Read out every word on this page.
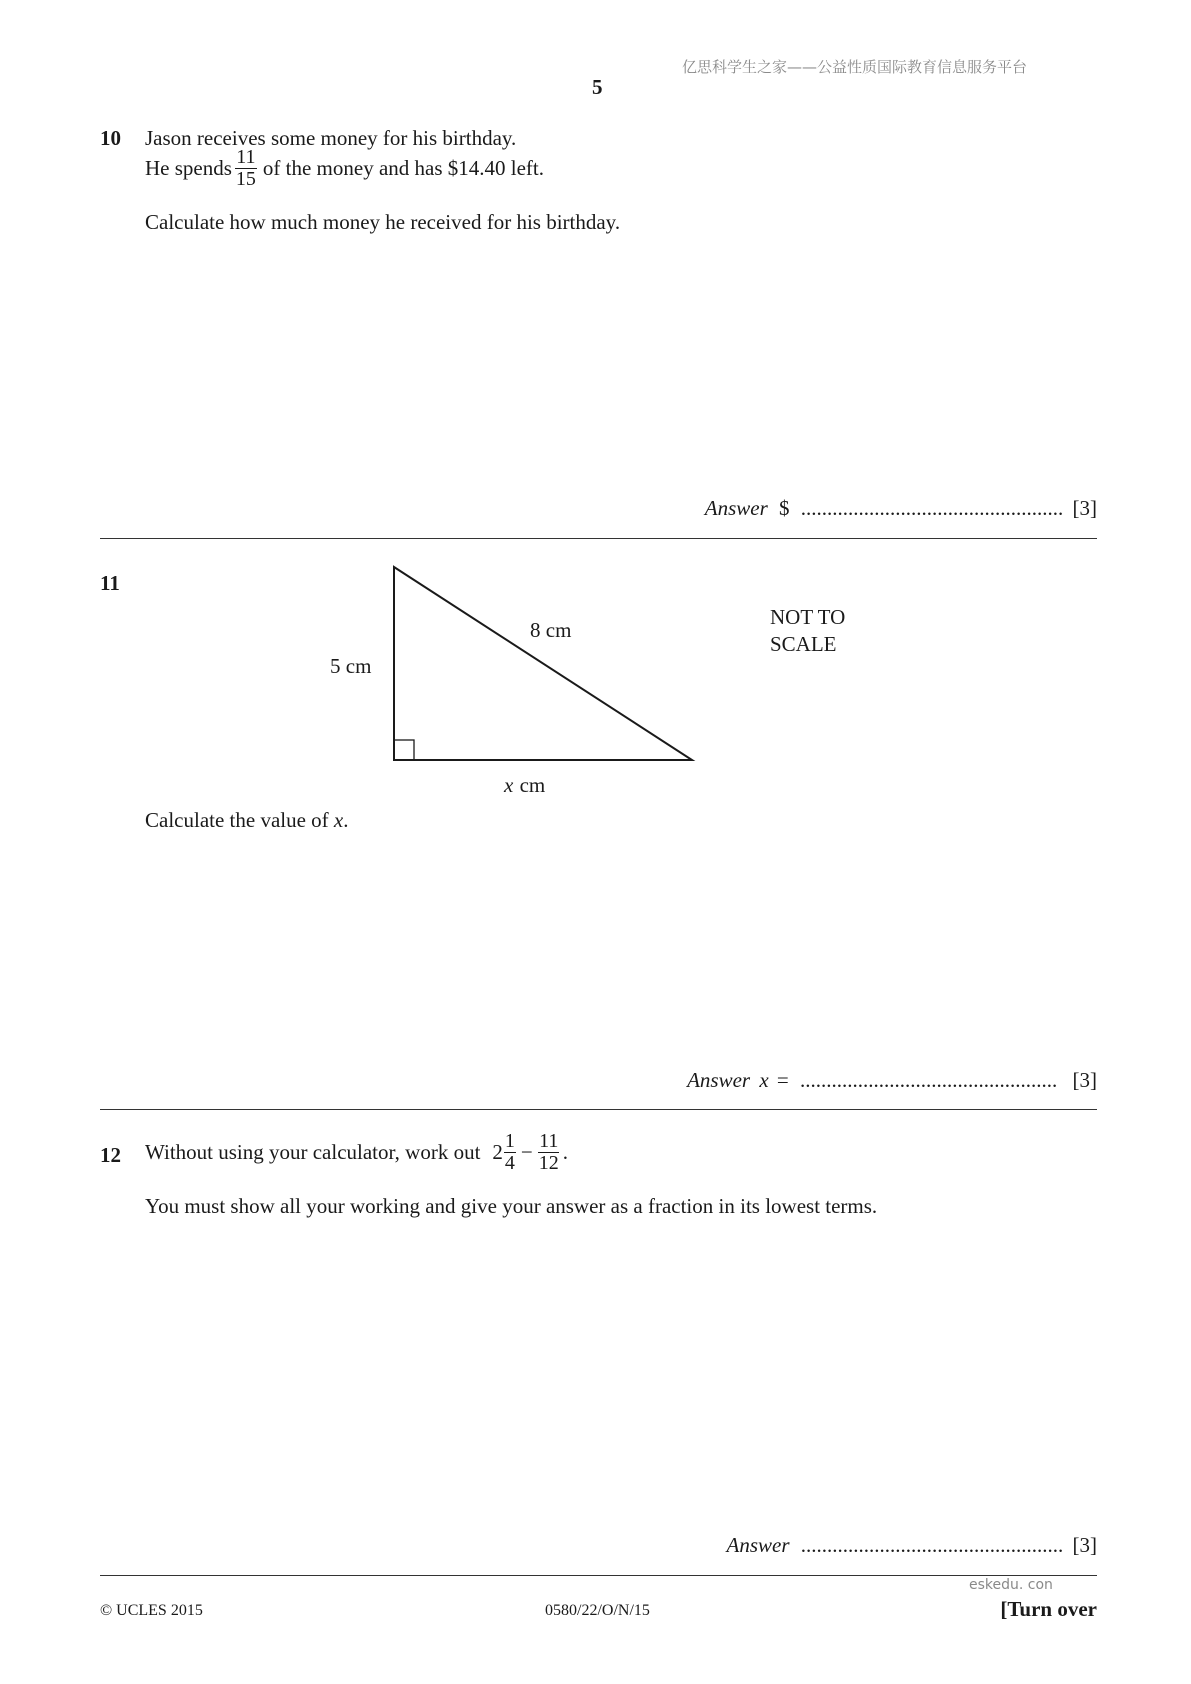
亿思科学生之家——公益性质国际教育信息服务平台
5
10 Jason receives some money for his birthday.
He spends $\frac{11}{15}$ of the money and has $14.40 left.
Calculate how much money he received for his birthday.
Answer $ .................................................. [3]
11
8 cm
5 cm
x cm
NOT TO
SCALE
Calculate the value of x.
Answer x = ................................................. [3]
12 Without using your calculator, work out $2 \frac{1}{4} - \frac{11}{12}$ .
You must show all your working and give your answer as a fraction in its lowest terms.
Answer .................................................. [3]
eskedu. con
© UCLES 2015	0580/22/O/N/15	[Turn over
